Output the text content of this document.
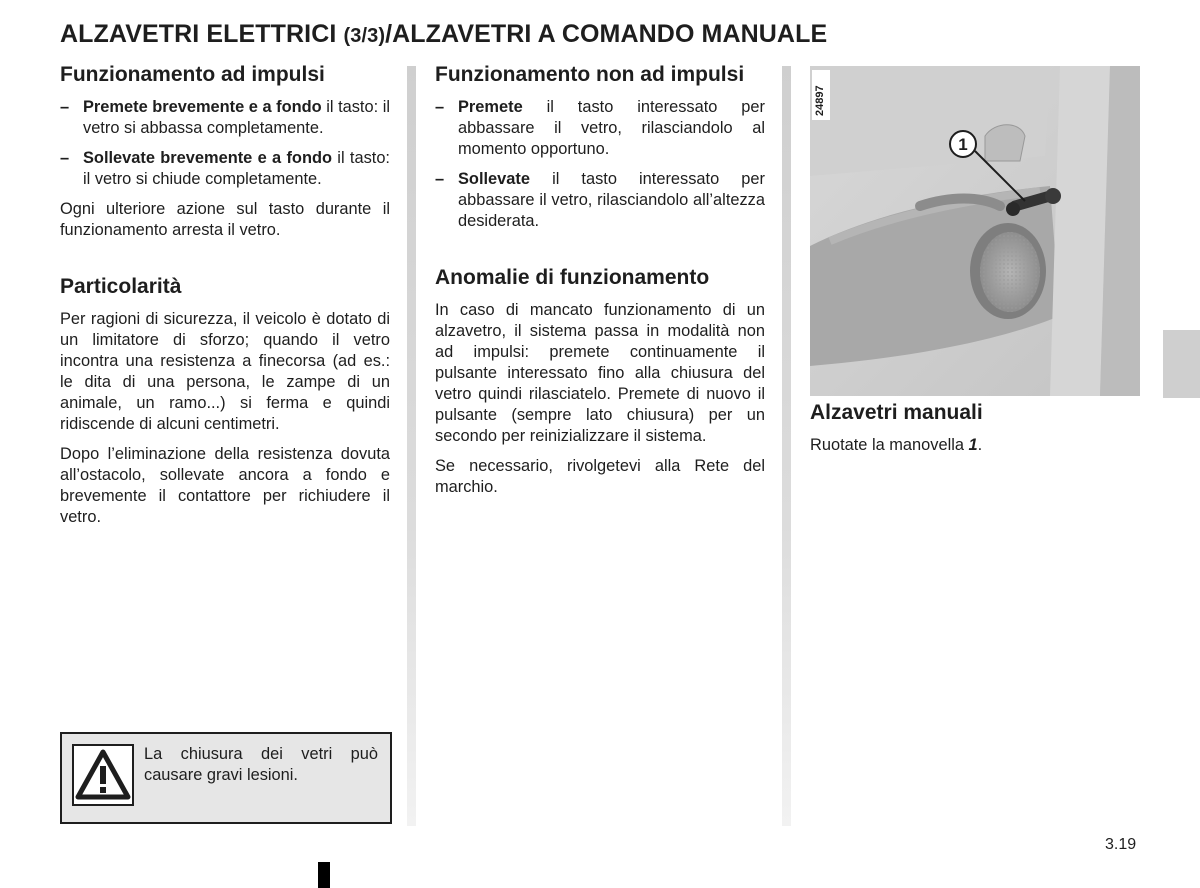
ALZAVETRI ELETTRICI (3/3)/ALZAVETRI A COMANDO MANUALE
Funzionamento ad impulsi
– Premete brevemente e a fondo il tasto: il vetro si abbassa completamente.
– Sollevate brevemente e a fondo il tasto: il vetro si chiude completamente.

Ogni ulteriore azione sul tasto durante il funzionamento arresta il vetro.

Particolarità

Per ragioni di sicurezza, il veicolo è dotato di un limitatore di sforzo; quando il vetro incontra una resistenza a finecorsa (ad es.: le dita di una persona, le zampe di un animale, un ramo...) si ferma e quindi ridiscende di alcuni centimetri.

Dopo l’eliminazione della resistenza dovuta all’ostacolo, sollevate ancora a fondo e brevemente il contattore per richiudere il vetro.

La chiusura dei vetri può causare gravi lesioni.
Funzionamento non ad impulsi
– Premete il tasto interessato per abbassare il vetro, rilasciandolo al momento opportuno.
– Sollevate il tasto interessato per abbassare il vetro, rilasciandolo all’altezza desiderata.
Anomalie di funzionamento

In caso di mancato funzionamento di un alzavetro, il sistema passa in modalità non ad impulsi: premete continuamente il pulsante interessato fino alla chiusura del vetro quindi rilasciatelo. Premete di nuovo il pulsante (sempre lato chiusura) per un secondo per reinizializzare il sistema.

Se necessario, rivolgetevi alla Rete del marchio.

1
24897
Alzavetri manuali

Ruotate la manovella 1.

3.19
